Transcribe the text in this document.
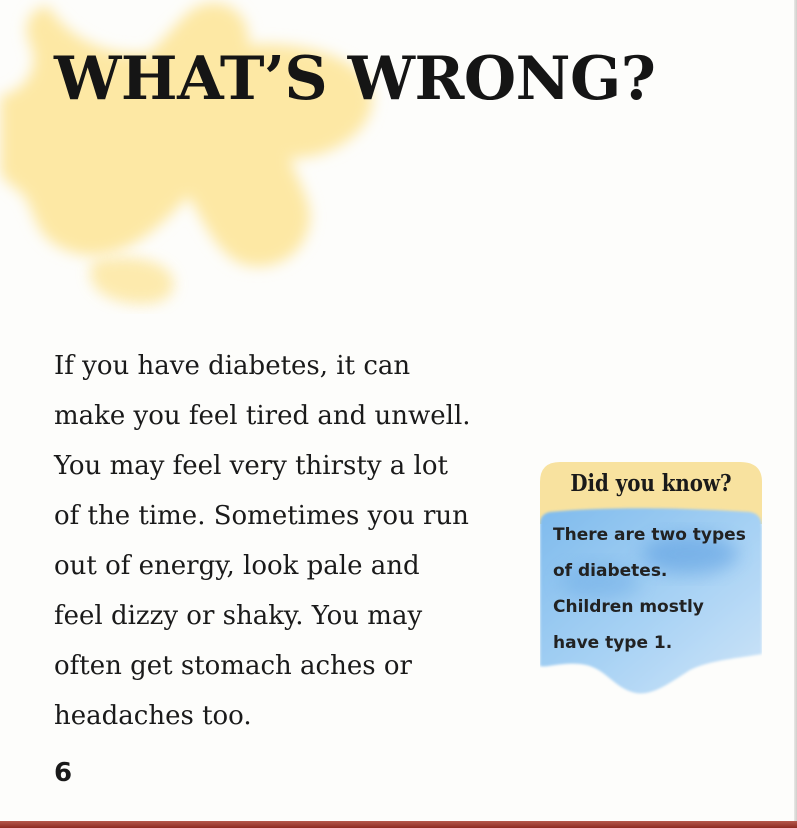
WHAT’S WRONG?

If you have diabetes, it can
make you feel tired and unwell.
You may feel very thirsty a lot
of the time. Sometimes you run
out of energy, look pale and
feel dizzy or shaky. You may
often get stomach aches or
headaches too.

Did you know?
There are two types
of diabetes.
Children mostly
have type 1.
6
